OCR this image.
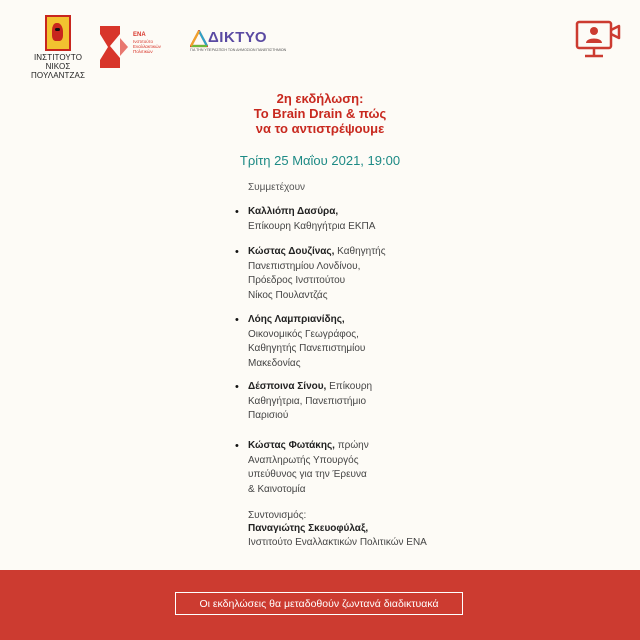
ΙΝΣΤΙΤΟΥΤΟ
ΝΙΚΟΣ ΠΟΥΛΑΝΤΖΑΣ
ΕΝΑ
Ινστιτούτο
Εναλλακτικών
Πολιτικών
ΔΙΚΤΥΟ
ΓΙΑ ΤΗΝ ΥΠΕΡΑΣΠΙΣΗ ΤΩΝ ΔΗΜΟΣΙΩΝ ΠΑΝΕΠΙΣΤΗΜΙΩΝ
2η εκδήλωση:
Το Brain Drain & πώς
να το αντιστρέψουμε
Τρίτη 25 Μαΐου 2021, 19:00
Συμμετέχουν
• Καλλιόπη Δασύρα,
Επίκουρη Καθηγήτρια ΕΚΠΑ
• Κώστας Δουζίνας, Καθηγητής
Πανεπιστημίου Λονδίνου,
Πρόεδρος Ινστιτούτου
Νίκος Πουλαντζάς
• Λόης Λαμπριανίδης,
Οικονομικός Γεωγράφος,
Καθηγητής Πανεπιστημίου
Μακεδονίας
• Δέσποινα Σίνου, Επίκουρη
Καθηγήτρια, Πανεπιστήμιο
Παρισιού
• Κώστας Φωτάκης, πρώην
Αναπληρωτής Υπουργός
υπεύθυνος για την Έρευνα
& Καινοτομία
Συντονισμός:
Παναγιώτης Σκευοφύλαξ,
Ινστιτούτο Εναλλακτικών Πολιτικών ΕΝΑ
Οι εκδηλώσεις θα μεταδοθούν ζωντανά διαδικτυακά
